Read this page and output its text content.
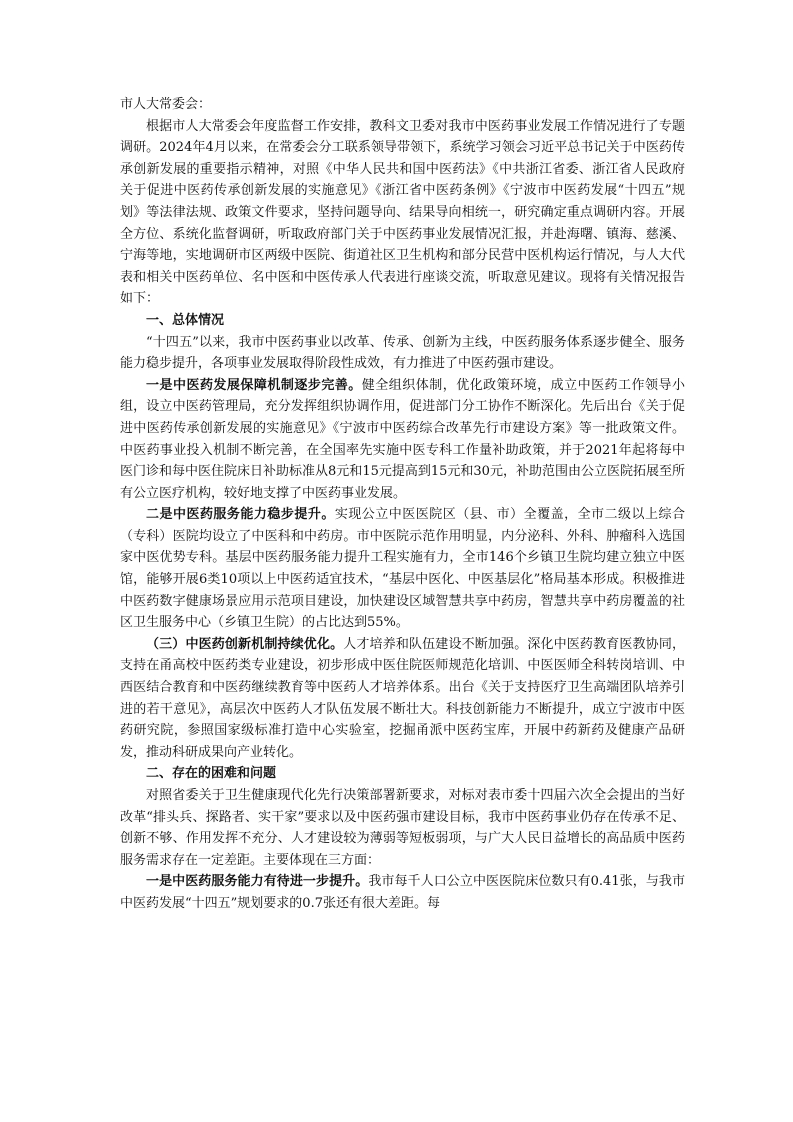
市人大常委会：

根据市人大常委会年度监督工作安排，教科文卫委对我市中医药事业发展工作情况进行了专题调研。2024年4月以来，在常委会分工联系领导带领下，系统学习领会习近平总书记关于中医药传承创新发展的重要指示精神，对照《中华人民共和国中医药法》《中共浙江省委、浙江省人民政府关于促进中医药传承创新发展的实施意见》《浙江省中医药条例》《宁波市中医药发展“十四五”规划》等法律法规、政策文件要求，坚持问题导向、结果导向相统一，研究确定重点调研内容。开展全方位、系统化监督调研，听取政府部门关于中医药事业发展情况汇报，并赴海曙、镇海、慈溪、宁海等地，实地调研市区两级中医院、街道社区卫生机构和部分民营中医机构运行情况，与人大代表和相关中医药单位、名中医和中医传承人代表进行座谈交流，听取意见建议。现将有关情况报告如下：

一、总体情况

“十四五”以来，我市中医药事业以改革、传承、创新为主线，中医药服务体系逐步健全、服务能力稳步提升，各项事业发展取得阶段性成效，有力推进了中医药强市建设。

一是中医药发展保障机制逐步完善。健全组织体制，优化政策环境，成立中医药工作领导小组，设立中医药管理局，充分发挥组织协调作用，促进部门分工协作不断深化。先后出台《关于促进中医药传承创新发展的实施意见》《宁波市中医药综合改革先行市建设方案》等一批政策文件。中医药事业投入机制不断完善，在全国率先实施中医专科工作量补助政策，并于2021年起将每中医门诊和每中医住院床日补助标准从8元和15元提高到15元和30元，补助范围由公立医院拓展至所有公立医疗机构，较好地支撑了中医药事业发展。

二是中医药服务能力稳步提升。实现公立中医医院区（县、市）全覆盖，全市二级以上综合（专科）医院均设立了中医科和中药房。市中医院示范作用明显，内分泌科、外科、肿瘤科入选国家中医优势专科。基层中医药服务能力提升工程实施有力，全市146个乡镇卫生院均建立独立中医馆，能够开展6类10项以上中医药适宜技术，“基层中医化、中医基层化”格局基本形成。积极推进中医药数字健康场景应用示范项目建设，加快建设区域智慧共享中药房，智慧共享中药房覆盖的社区卫生服务中心（乡镇卫生院）的占比达到55%。

（三）中医药创新机制持续优化。人才培养和队伍建设不断加强。深化中医药教育医教协同，支持在甬高校中医药类专业建设，初步形成中医住院医师规范化培训、中医医师全科转岗培训、中西医结合教育和中医药继续教育等中医药人才培养体系。出台《关于支持医疗卫生高端团队培养引进的若干意见》，高层次中医药人才队伍发展不断壮大。科技创新能力不断提升，成立宁波市中医药研究院，参照国家级标准打造中心实验室，挖掘甬派中医药宝库，开展中药新药及健康产品研发，推动科研成果向产业转化。

二、存在的困难和问题

对照省委关于卫生健康现代化先行决策部署新要求，对标对表市委十四届六次全会提出的当好改革“排头兵、探路者、实干家”要求以及中医药强市建设目标，我市中医药事业仍存在传承不足、创新不够、作用发挥不充分、人才建设较为薄弱等短板弱项，与广大人民日益增长的高品质中医药服务需求存在一定差距。主要体现在三方面：

一是中医药服务能力有待进一步提升。我市每千人口公立中医医院床位数只有0.41张，与我市中医药发展“十四五”规划要求的0.7张还有很大差距。每
